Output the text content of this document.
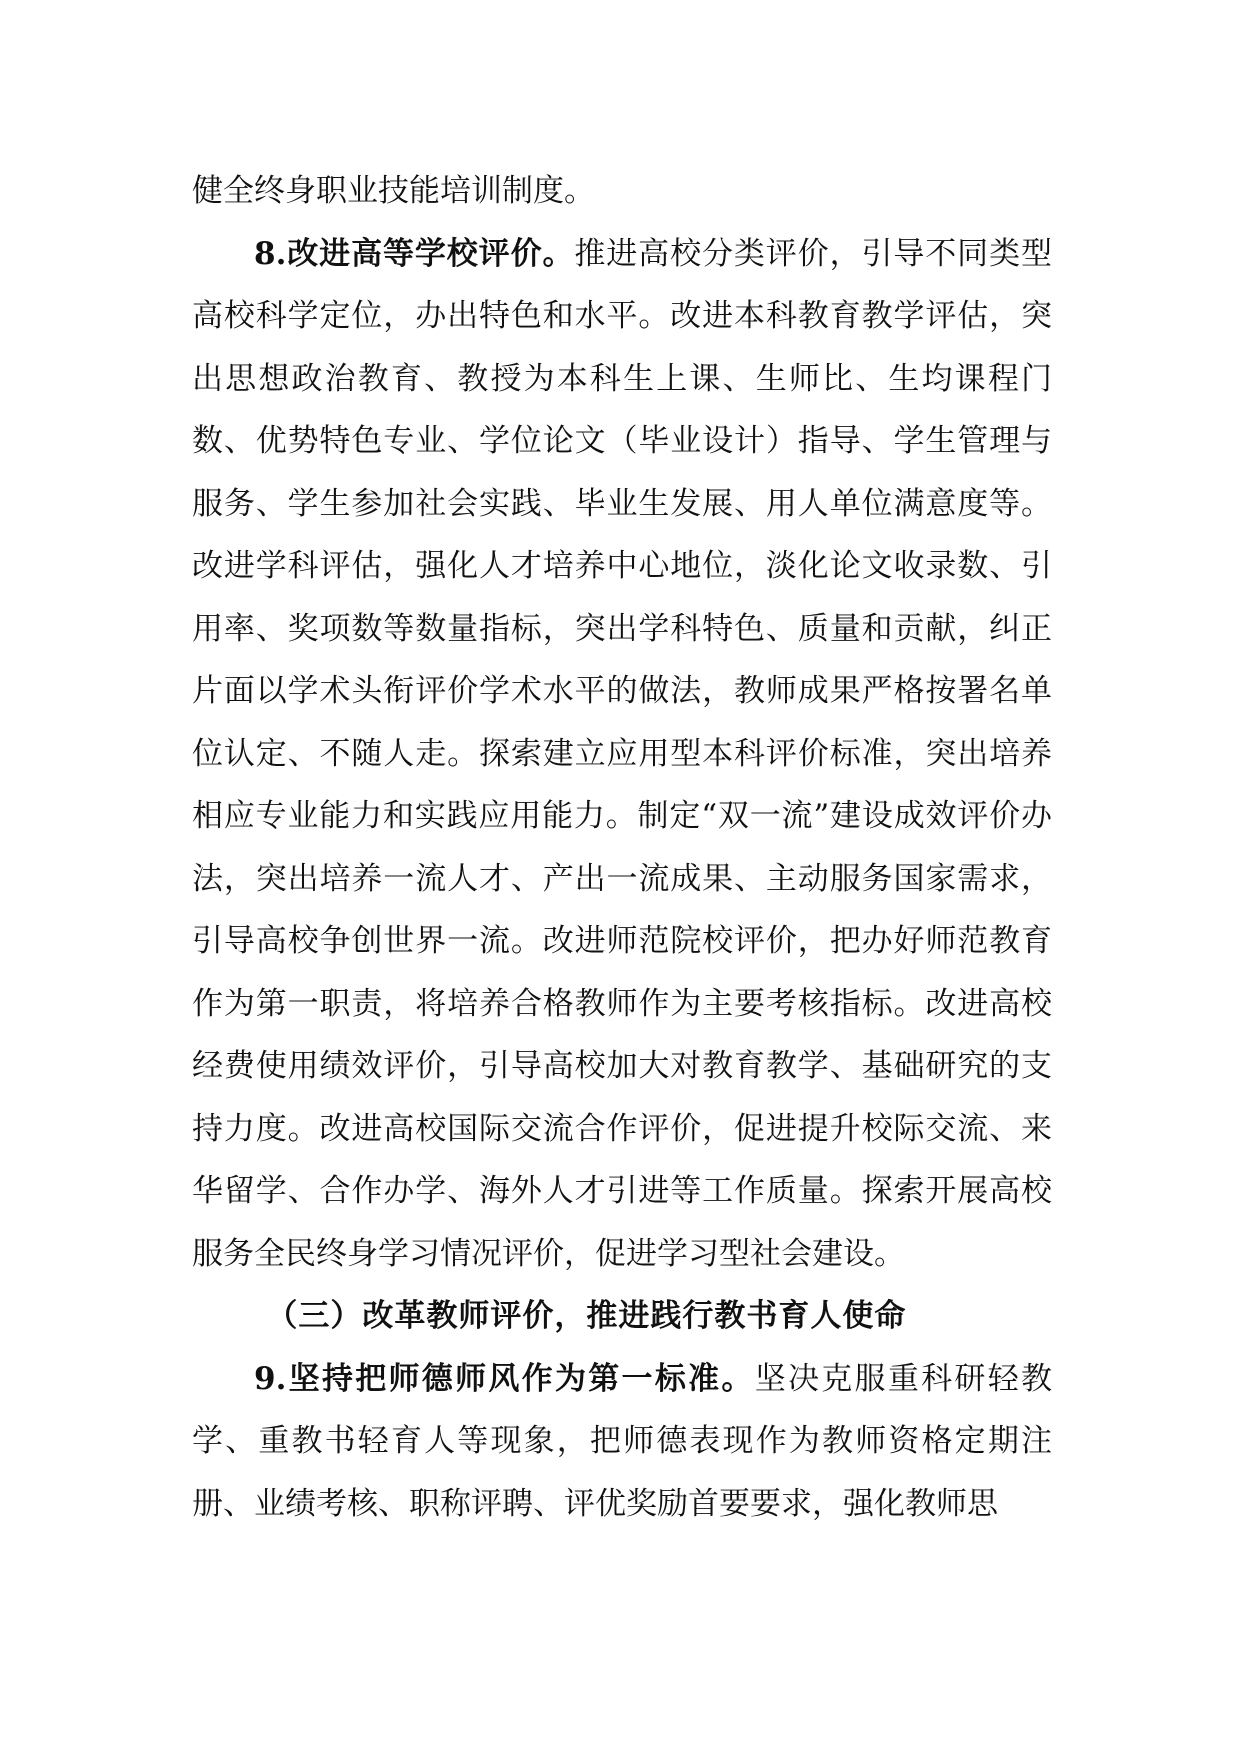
健全终身职业技能培训制度。

8.改进高等学校评价。推进高校分类评价，引导不同类型高校科学定位，办出特色和水平。改进本科教育教学评估，突出思想政治教育、教授为本科生上课、生师比、生均课程门数、优势特色专业、学位论文（毕业设计）指导、学生管理与服务、学生参加社会实践、毕业生发展、用人单位满意度等。改进学科评估，强化人才培养中心地位，淡化论文收录数、引用率、奖项数等数量指标，突出学科特色、质量和贡献，纠正片面以学术头衔评价学术水平的做法，教师成果严格按署名单位认定、不随人走。探索建立应用型本科评价标准，突出培养相应专业能力和实践应用能力。制定“双一流”建设成效评价办法，突出培养一流人才、产出一流成果、主动服务国家需求，引导高校争创世界一流。改进师范院校评价，把办好师范教育作为第一职责，将培养合格教师作为主要考核指标。改进高校经费使用绩效评价，引导高校加大对教育教学、基础研究的支持力度。改进高校国际交流合作评价，促进提升校际交流、来华留学、合作办学、海外人才引进等工作质量。探索开展高校服务全民终身学习情况评价，促进学习型社会建设。

（三）改革教师评价，推进践行教书育人使命

9.坚持把师德师风作为第一标准。坚决克服重科研轻教学、重教书轻育人等现象，把师德表现作为教师资格定期注册、业绩考核、职称评聘、评优奖励首要要求，强化教师思
